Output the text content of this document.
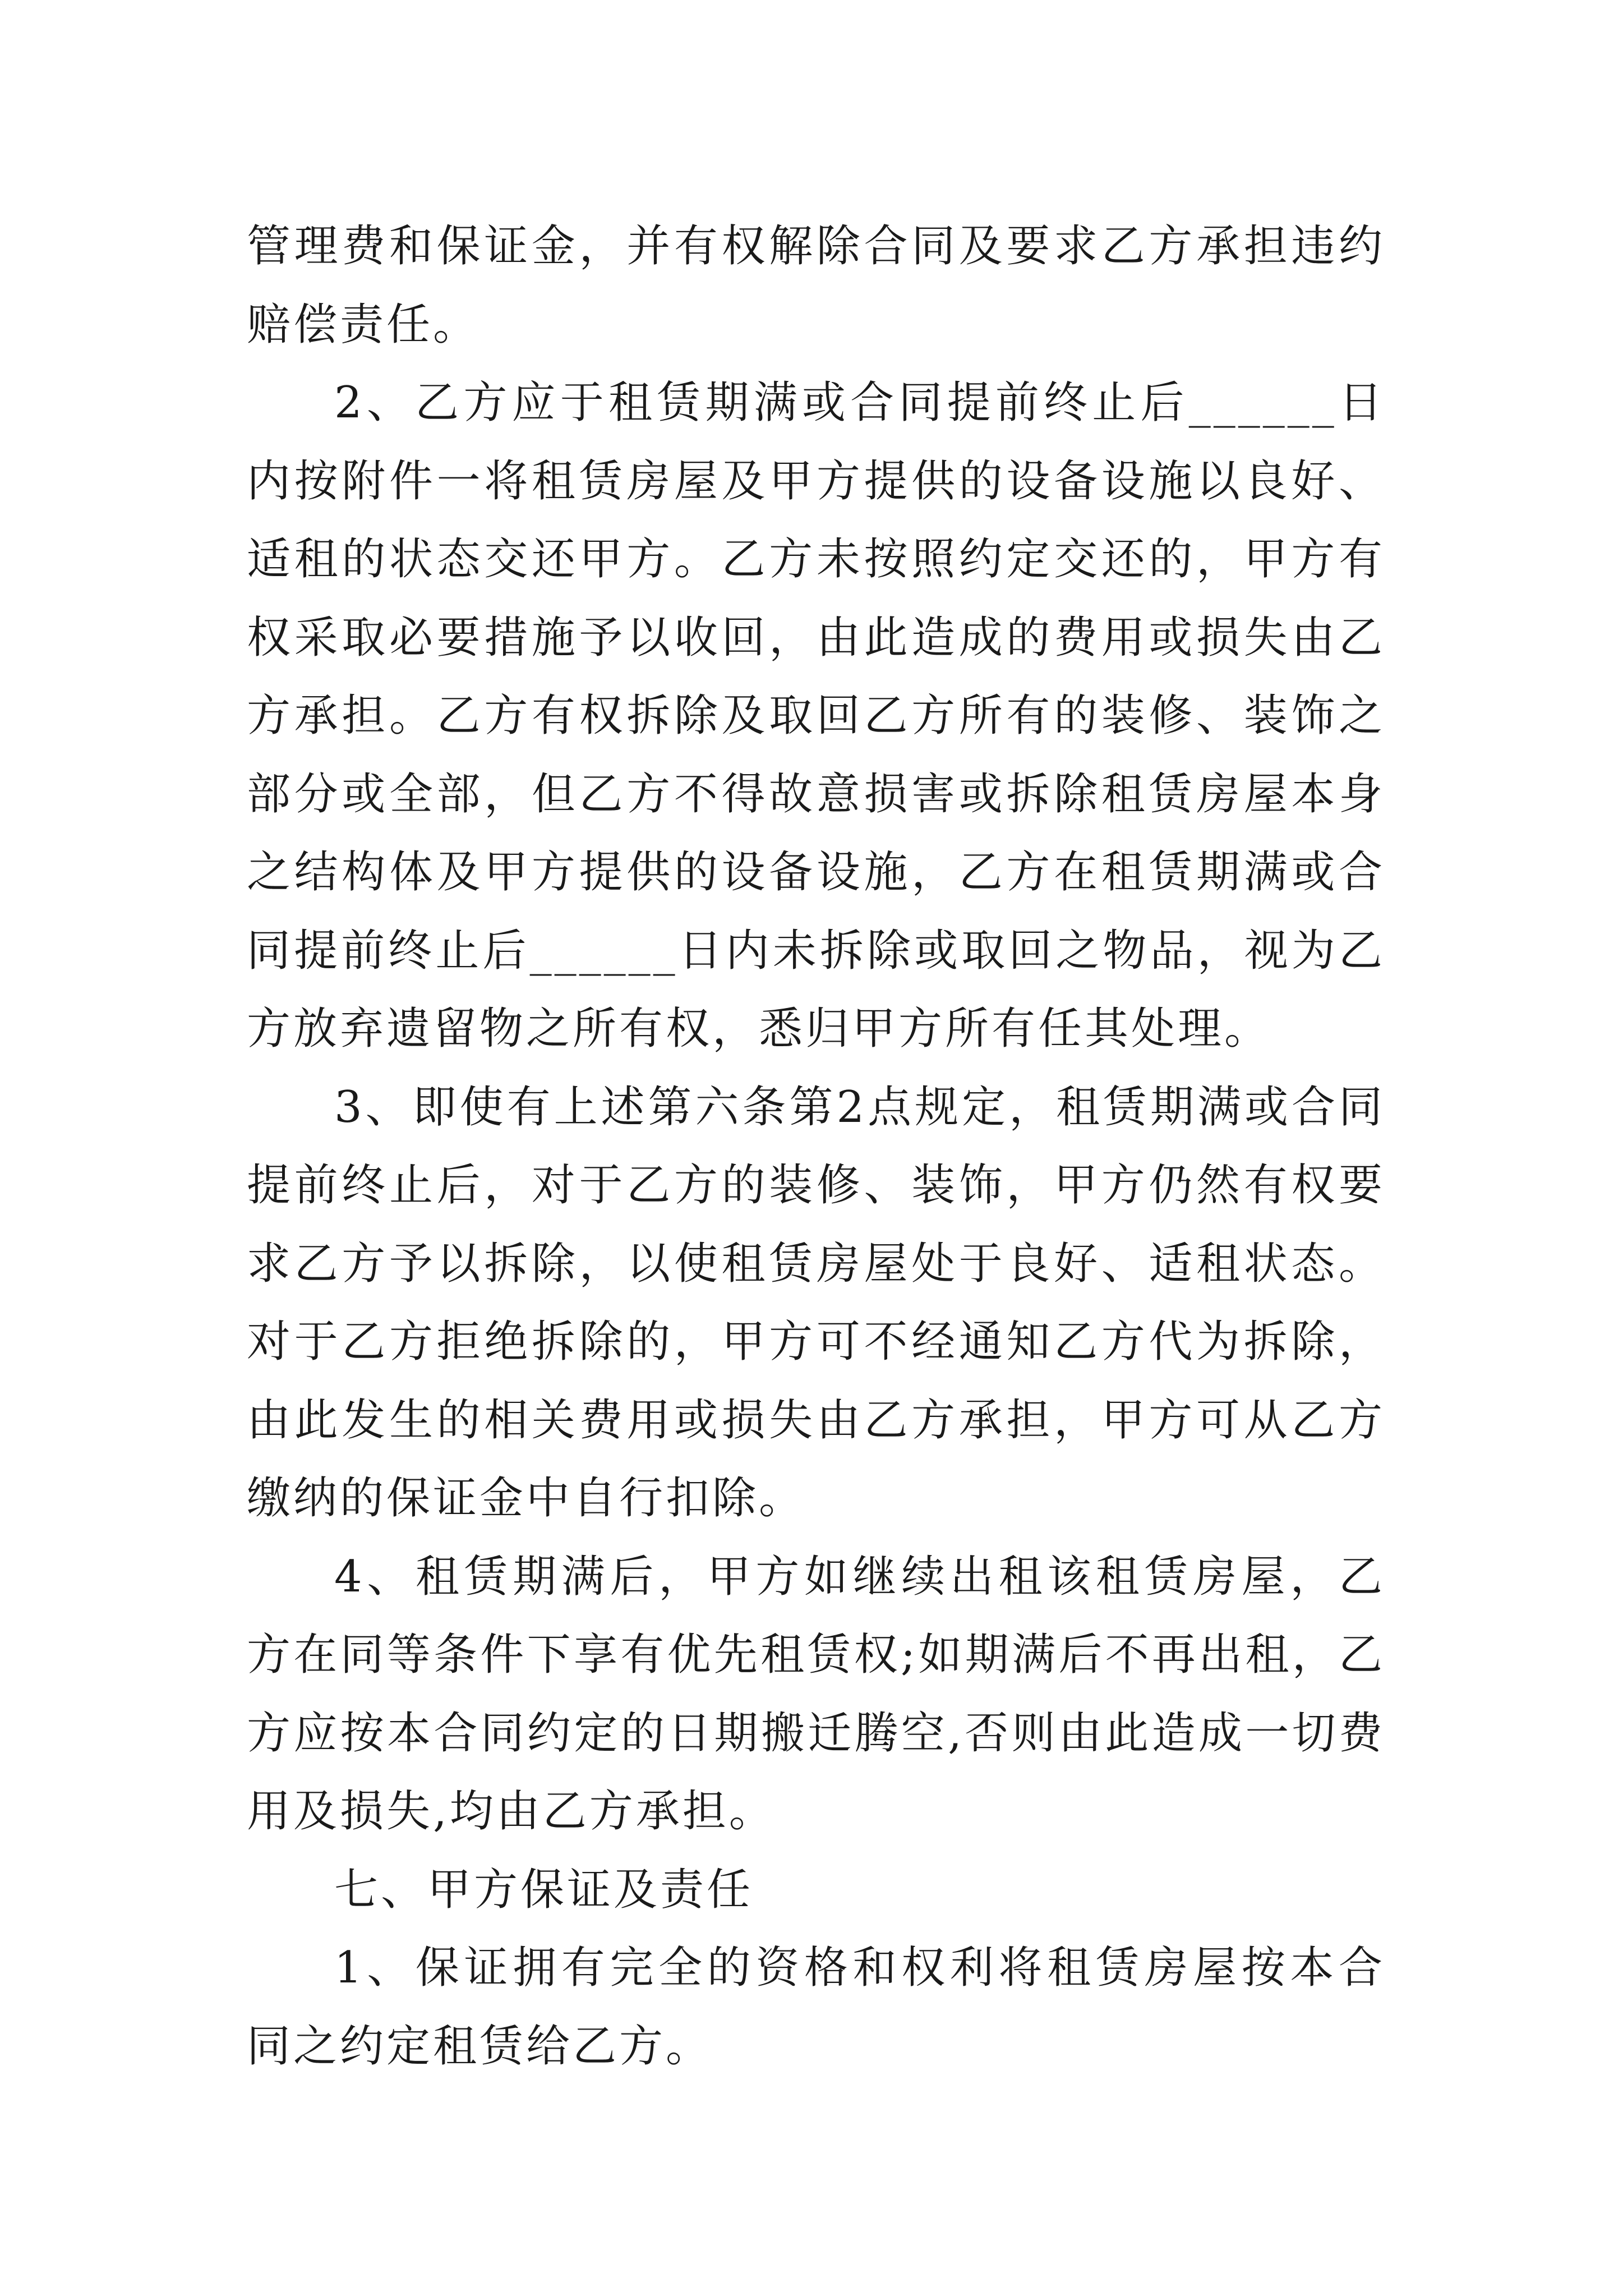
管理费和保证金，并有权解除合同及要求乙方承担违约赔偿责任。

2、乙方应于租赁期满或合同提前终止后______日内按附件一将租赁房屋及甲方提供的设备设施以良好、适租的状态交还甲方。乙方未按照约定交还的，甲方有权采取必要措施予以收回，由此造成的费用或损失由乙方承担。乙方有权拆除及取回乙方所有的装修、装饰之部分或全部，但乙方不得故意损害或拆除租赁房屋本身之结构体及甲方提供的设备设施，乙方在租赁期满或合同提前终止后______日内未拆除或取回之物品，视为乙方放弃遗留物之所有权，悉归甲方所有任其处理。

3、即使有上述第六条第2点规定，租赁期满或合同提前终止后，对于乙方的装修、装饰，甲方仍然有权要求乙方予以拆除，以使租赁房屋处于良好、适租状态。对于乙方拒绝拆除的，甲方可不经通知乙方代为拆除，由此发生的相关费用或损失由乙方承担，甲方可从乙方缴纳的保证金中自行扣除。

4、租赁期满后，甲方如继续出租该租赁房屋，乙方在同等条件下享有优先租赁权;如期满后不再出租，乙方应按本合同约定的日期搬迁腾空,否则由此造成一切费用及损失,均由乙方承担。

七、甲方保证及责任

1、保证拥有完全的资格和权利将租赁房屋按本合同之约定租赁给乙方。
